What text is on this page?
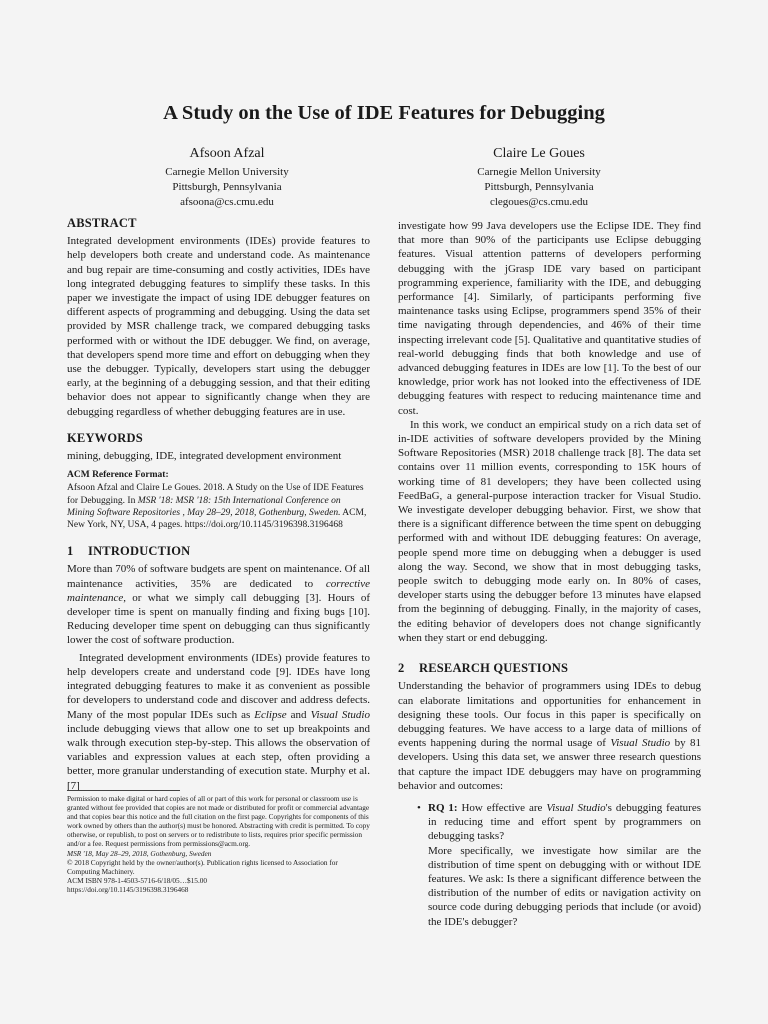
A Study on the Use of IDE Features for Debugging
Afsoon Afzal
Carnegie Mellon University
Pittsburgh, Pennsylvania
afsoona@cs.cmu.edu
Claire Le Goues
Carnegie Mellon University
Pittsburgh, Pennsylvania
clegoues@cs.cmu.edu
ABSTRACT

Integrated development environments (IDEs) provide features to help developers both create and understand code. As maintenance and bug repair are time-consuming and costly activities, IDEs have long integrated debugging features to simplify these tasks. In this paper we investigate the impact of using IDE debugger features on different aspects of programming and debugging. Using the data set provided by MSR challenge track, we compared debugging tasks performed with or without the IDE debugger. We find, on average, that developers spend more time and effort on debugging when they use the debugger. Typically, developers start using the debugger early, at the beginning of a debugging session, and that their editing behavior does not appear to significantly change when they are debugging regardless of whether debugging features are in use.

KEYWORDS

mining, debugging, IDE, integrated development environment

ACM Reference Format:
Afsoon Afzal and Claire Le Goues. 2018. A Study on the Use of IDE Features for Debugging. In MSR '18: MSR '18: 15th International Conference on Mining Software Repositories , May 28–29, 2018, Gothenburg, Sweden. ACM, New York, NY, USA, 4 pages. https://doi.org/10.1145/3196398.3196468
1 INTRODUCTION

More than 70% of software budgets are spent on maintenance. Of all maintenance activities, 35% are dedicated to corrective maintenance, or what we simply call debugging [3]. Hours of developer time is spent on manually finding and fixing bugs [10]. Reducing developer time spent on debugging can thus significantly lower the cost of software production.

Integrated development environments (IDEs) provide features to help developers create and understand code [9]. IDEs have long integrated debugging features to make it as convenient as possible for developers to understand code and discover and address defects. Many of the most popular IDEs such as Eclipse and Visual Studio include debugging views that allow one to set up breakpoints and walk through execution step-by-step. This allows the observation of variables and expression values at each step, often providing a better, more granular understanding of execution state. Murphy et al. [7]

Permission to make digital or hard copies of all or part of this work for personal or classroom use is granted without fee provided that copies are not made or distributed for profit or commercial advantage and that copies bear this notice and the full citation on the first page. Copyrights for components of this work owned by others than the author(s) must be honored. Abstracting with credit is permitted. To copy otherwise, or republish, to post on servers or to redistribute to lists, requires prior specific permission and/or a fee. Request permissions from permissions@acm.org.

MSR '18, May 28–29, 2018, Gothenburg, Sweden

© 2018 Copyright held by the owner/author(s). Publication rights licensed to Association for Computing Machinery.

ACM ISBN 978-1-4503-5716-6/18/05…$15.00

https://doi.org/10.1145/3196398.3196468

investigate how 99 Java developers use the Eclipse IDE. They find that more than 90% of the participants use Eclipse debugging features. Visual attention patterns of developers performing debugging with the jGrasp IDE vary based on participant programming experience, familiarity with the IDE, and debugging performance [4]. Similarly, of participants performing five maintenance tasks using Eclipse, programmers spend 35% of their time navigating through dependencies, and 46% of their time inspecting irrelevant code [5]. Qualitative and quantitative studies of real-world debugging finds that both knowledge and use of advanced debugging features in IDEs are low [1]. To the best of our knowledge, prior work has not looked into the effectiveness of IDE debugging features with respect to reducing maintenance time and cost.

In this work, we conduct an empirical study on a rich data set of in-IDE activities of software developers provided by the Mining Software Repositories (MSR) 2018 challenge track [8]. The data set contains over 11 million events, corresponding to 15K hours of working time of 81 developers; they have been collected using FeedBaG, a general-purpose interaction tracker for Visual Studio. We investigate developer debugging behavior. First, we show that there is a significant difference between the time spent on debugging performed with and without IDE debugging features: On average, people spend more time on debugging when a debugger is used along the way. Second, we show that in most debugging tasks, people switch to debugging mode early on. In 80% of cases, developer starts using the debugger before 13 minutes have elapsed from the beginning of debugging. Finally, in the majority of cases, the editing behavior of developers does not change significantly when they start or end debugging.

2 RESEARCH QUESTIONS

Understanding the behavior of programmers using IDEs to debug can elaborate limitations and opportunities for enhancement in designing these tools. Our focus in this paper is specifically on debugging features. We have access to a large data of millions of events happening during the normal usage of Visual Studio by 81 developers. Using this data set, we answer three research questions that capture the impact IDE debuggers may have on programming behavior and outcomes:

• RQ 1: How effective are Visual Studio's debugging features in reducing time and effort spent by programmers on debugging tasks?

More specifically, we investigate how similar are the distribution of time spent on debugging with or without IDE features. We ask: Is there a significant difference between the distribution of the number of edits or navigation activity on source code during debugging periods that include (or avoid) the IDE's debugger?
